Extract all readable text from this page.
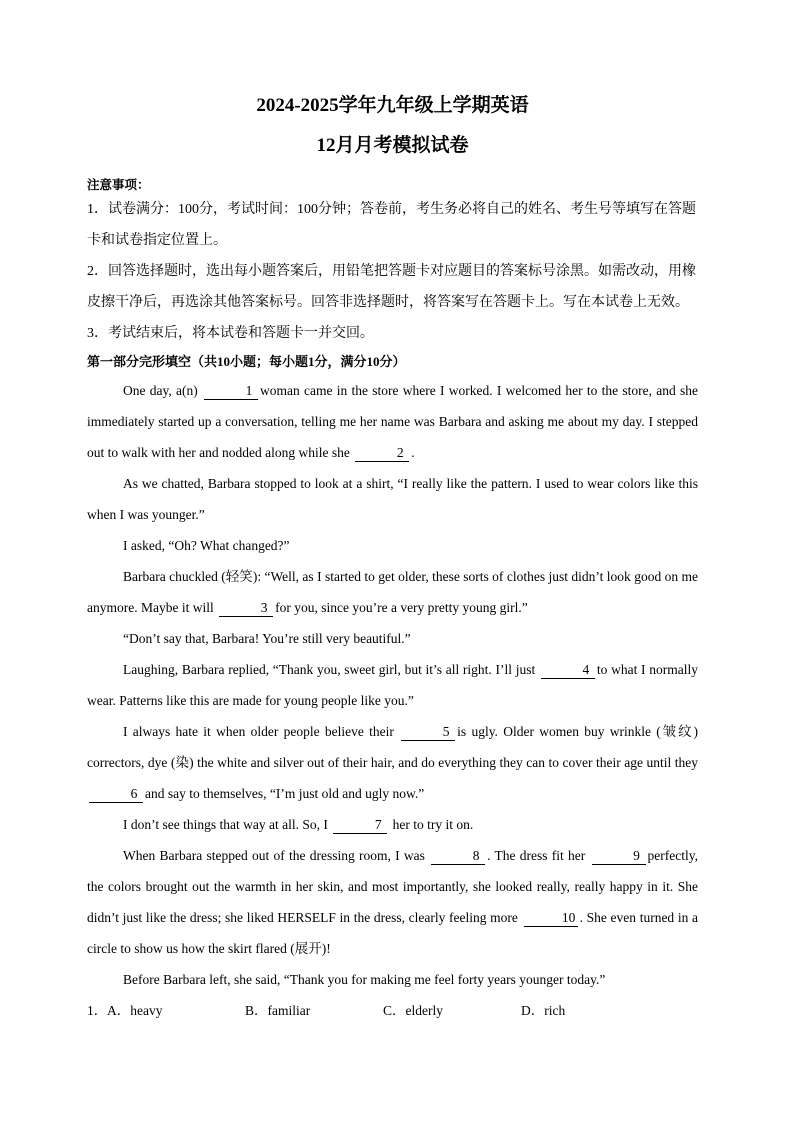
2024-2025学年九年级上学期英语
12月月考模拟试卷
注意事项：
1．试卷满分：100分，考试时间：100分钟；答卷前，考生务必将自己的姓名、考生号等填写在答题卡和试卷指定位置上。
2．回答选择题时，选出每小题答案后，用铅笔把答题卡对应题目的答案标号涂黑。如需改动，用橡皮擦干净后，再选涂其他答案标号。回答非选择题时，将答案写在答题卡上。写在本试卷上无效。
3．考试结束后，将本试卷和答题卡一并交回。
第一部分完形填空（共10小题；每小题1分，满分10分）

One day, a(n)	1 woman came in the store where I worked. I welcomed her to the store, and she immediately started up a conversation, telling me her name was Barbara and asking me about my day. I stepped out to walk with her and nodded along while she	2 .

As we chatted, Barbara stopped to look at a shirt, “I really like the pattern. I used to wear colors like this when I was younger.”

I asked, “Oh? What changed?”

Barbara chuckled (轻笑): “Well, as I started to get older, these sorts of clothes just didn’t look good on me anymore. Maybe it will	3 for you, since you’re a very pretty young girl.”

“Don’t say that, Barbara! You’re still very beautiful.”

Laughing, Barbara replied, “Thank you, sweet girl, but it’s all right. I’ll just	4 to what I normally wear. Patterns like this are made for young people like you.”

I always hate it when older people believe their	5 is ugly. Older women buy wrinkle (皱纹) correctors, dye (染) the white and silver out of their hair, and do everything they can to cover their age until they 6 and say to themselves, “I’m just old and ugly now.”

I don’t see things that way at all. So, I	7 her to try it on.

When Barbara stepped out of the dressing room, I was	8 . The dress fit her	9 perfectly, the colors brought out the warmth in her skin, and most importantly, she looked really, really happy in it. She didn’t just like the dress; she liked HERSELF in the dress, clearly feeling more	10 . She even turned in a circle to show us how the skirt flared (展开)!

Before Barbara left, she said, “Thank you for making me feel forty years younger today.”

1． A．heavy	B．familiar	C．elderly	D．rich
